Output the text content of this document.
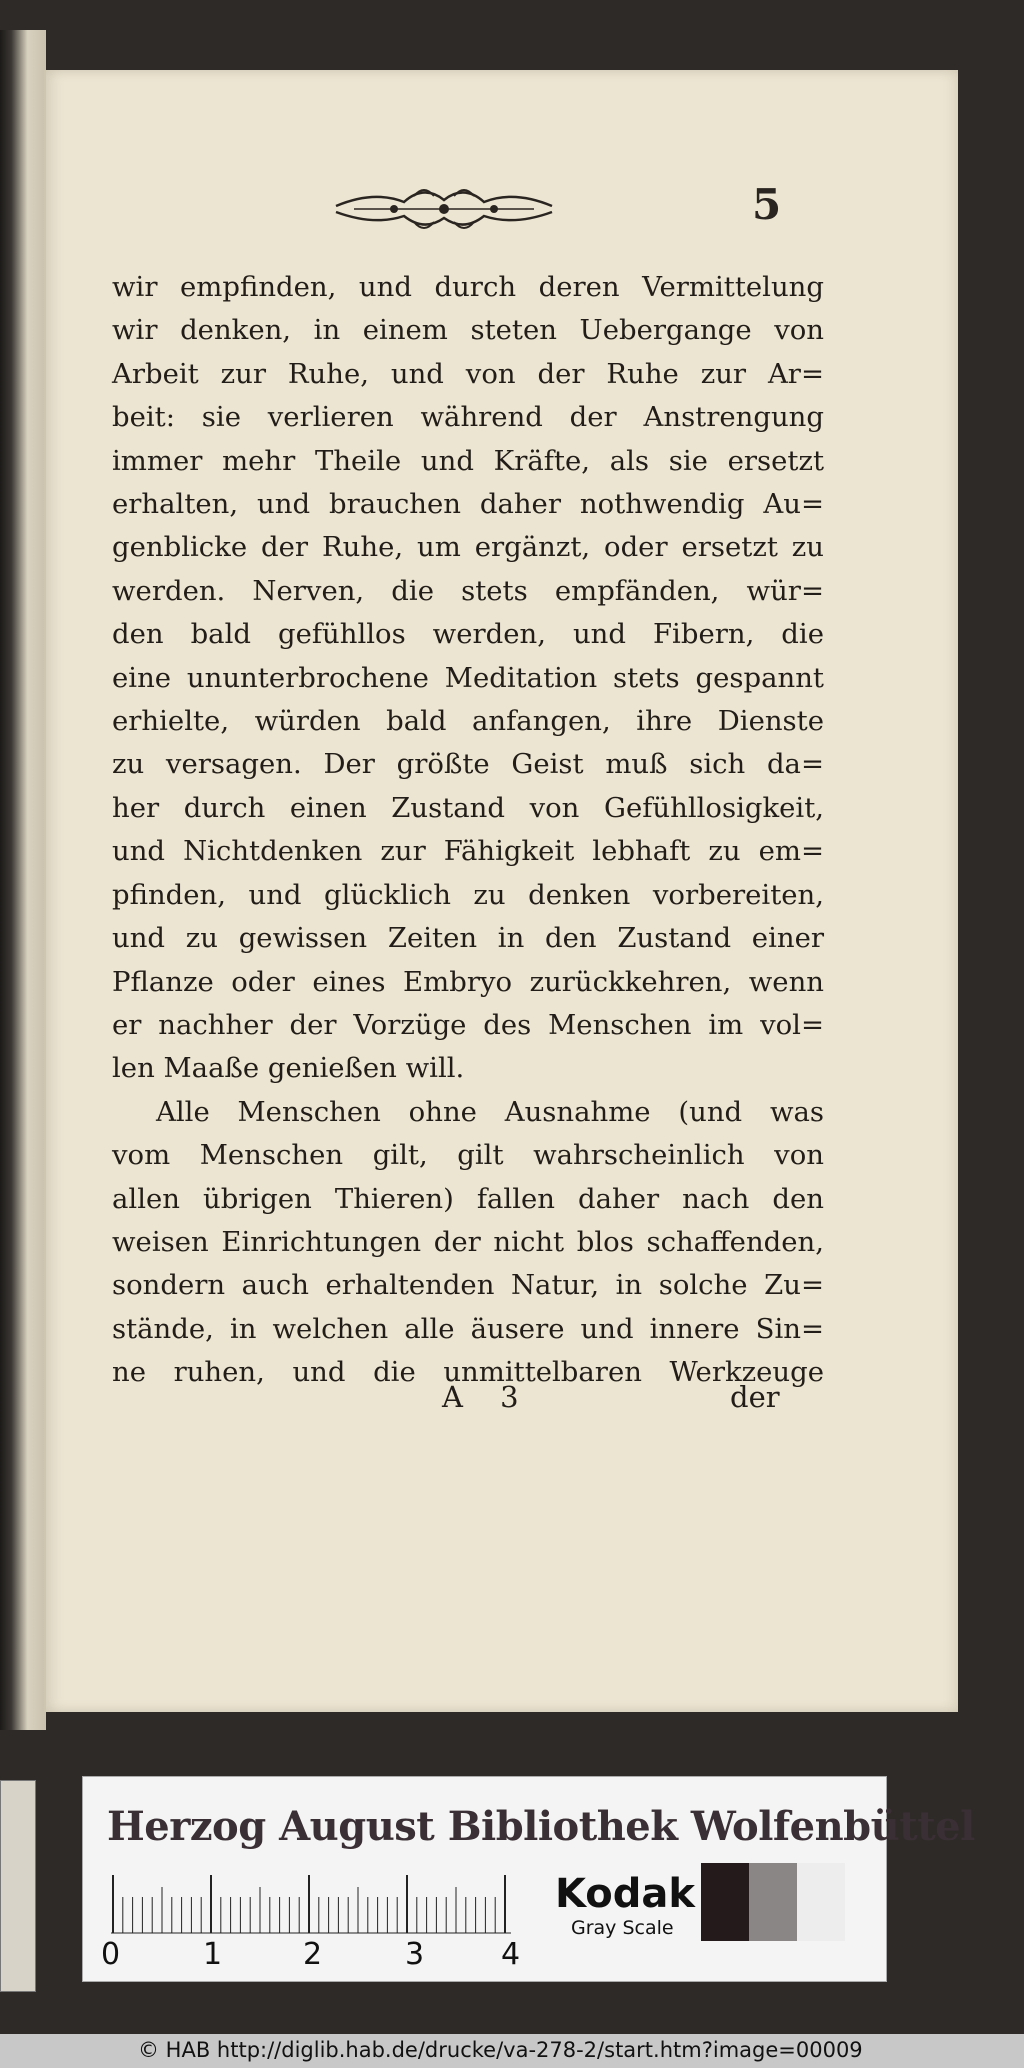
5
wir empfinden, und durch deren Vermittelung
wir denken, in einem steten Uebergange von
Arbeit zur Ruhe, und von der Ruhe zur Ar=
beit: sie verlieren während der Anstrengung
immer mehr Theile und Kräfte, als sie ersetzt
erhalten, und brauchen daher nothwendig Au=
genblicke der Ruhe, um ergänzt, oder ersetzt zu
werden. Nerven, die stets empfänden, wür=
den bald gefühllos werden, und Fibern, die
eine ununterbrochene Meditation stets gespannt
erhielte, würden bald anfangen, ihre Dienste
zu versagen. Der größte Geist muß sich da=
her durch einen Zustand von Gefühllosigkeit,
und Nichtdenken zur Fähigkeit lebhaft zu em=
pfinden, und glücklich zu denken vorbereiten,
und zu gewissen Zeiten in den Zustand einer
Pflanze oder eines Embryo zurückkehren, wenn
er nachher der Vorzüge des Menschen im vol=
len Maaße genießen will.
Alle Menschen ohne Ausnahme (und was
vom Menschen gilt, gilt wahrscheinlich von
allen übrigen Thieren) fallen daher nach den
weisen Einrichtungen der nicht blos schaffenden,
sondern auch erhaltenden Natur, in solche Zu=
stände, in welchen alle äusere und innere Sin=
ne ruhen, und die unmittelbaren Werkzeuge
A 3	der
Herzog August Bibliothek Wolfenbüttel
0	1	2	3	4
Kodak
Gray Scale
© HAB http://diglib.hab.de/drucke/va-278-2/start.htm?image=00009
